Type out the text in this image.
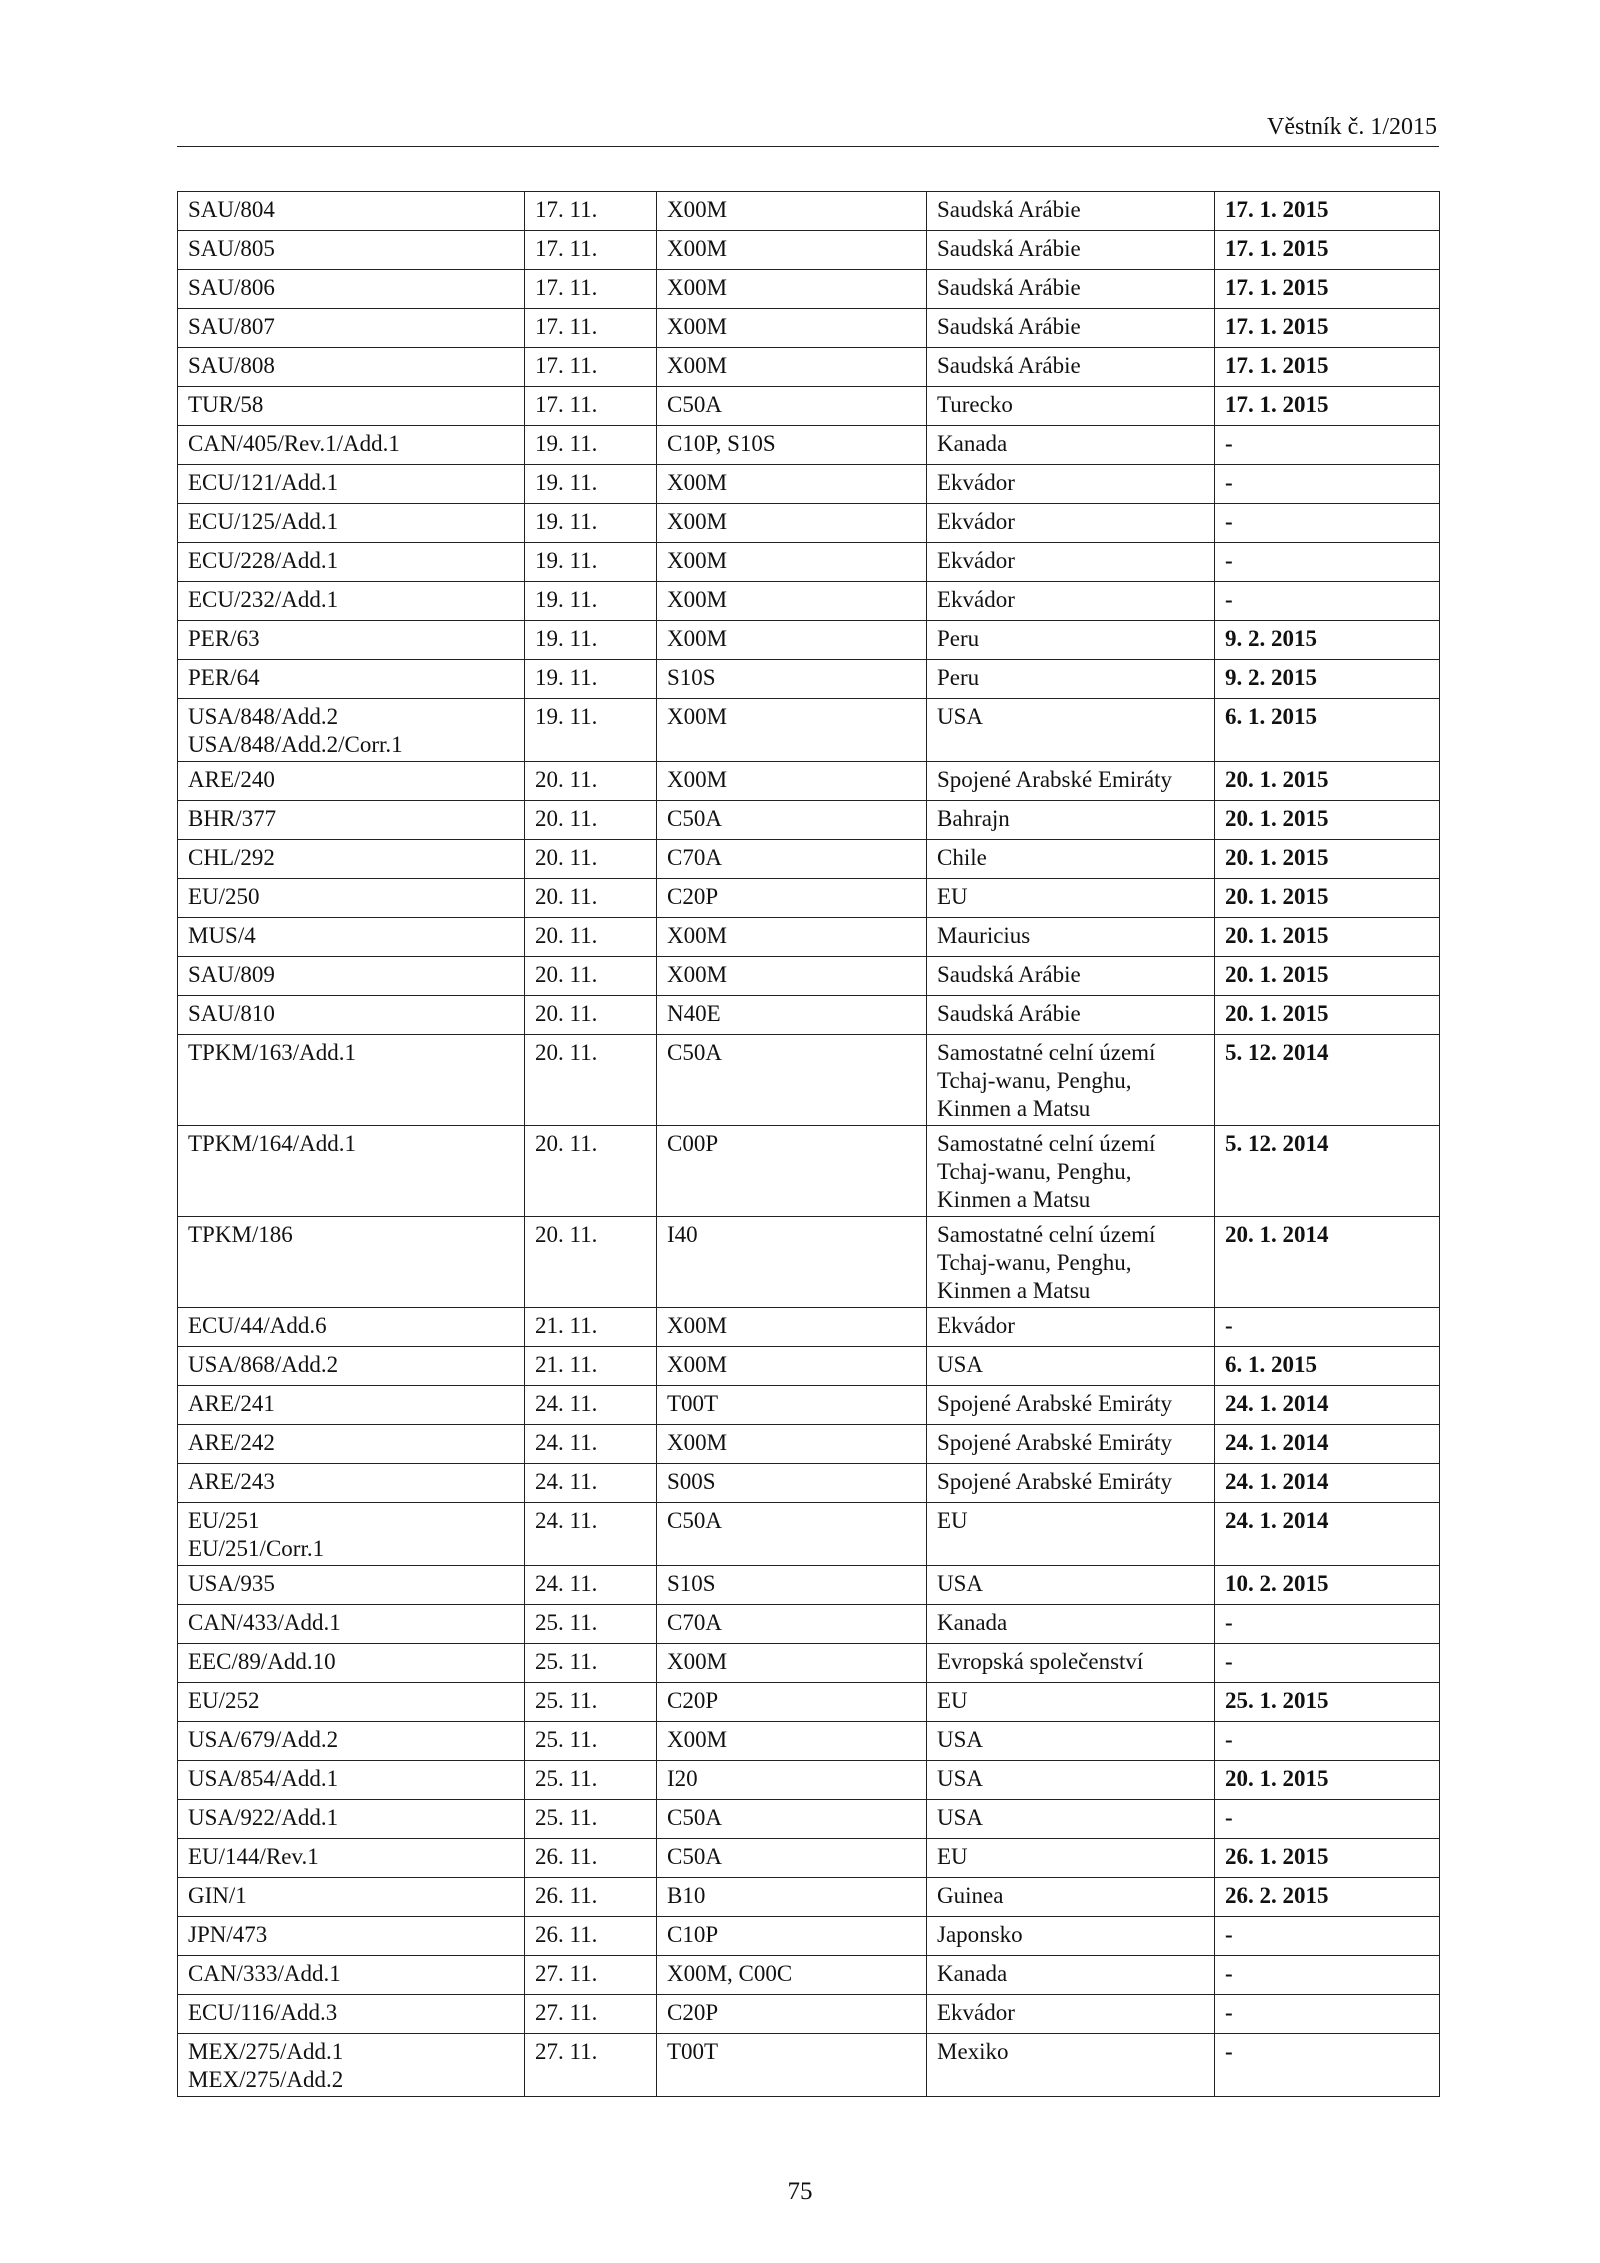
Věstník č. 1/2015
SAU/804	17. 11.	X00M	Saudská Arábie	17. 1. 2015
SAU/805	17. 11.	X00M	Saudská Arábie	17. 1. 2015
SAU/806	17. 11.	X00M	Saudská Arábie	17. 1. 2015
SAU/807	17. 11.	X00M	Saudská Arábie	17. 1. 2015
SAU/808	17. 11.	X00M	Saudská Arábie	17. 1. 2015
TUR/58	17. 11.	C50A	Turecko	17. 1. 2015
CAN/405/Rev.1/Add.1	19. 11.	C10P, S10S	Kanada	-
ECU/121/Add.1	19. 11.	X00M	Ekvádor	-
ECU/125/Add.1	19. 11.	X00M	Ekvádor	-
ECU/228/Add.1	19. 11.	X00M	Ekvádor	-
ECU/232/Add.1	19. 11.	X00M	Ekvádor	-
PER/63	19. 11.	X00M	Peru	9. 2. 2015
PER/64	19. 11.	S10S	Peru	9. 2. 2015
USA/848/Add.2
USA/848/Add.2/Corr.1	19. 11.	X00M	USA	6. 1. 2015
ARE/240	20. 11.	X00M	Spojené Arabské Emiráty	20. 1. 2015
BHR/377	20. 11.	C50A	Bahrajn	20. 1. 2015
CHL/292	20. 11.	C70A	Chile	20. 1. 2015
EU/250	20. 11.	C20P	EU	20. 1. 2015
MUS/4	20. 11.	X00M	Mauricius	20. 1. 2015
SAU/809	20. 11.	X00M	Saudská Arábie	20. 1. 2015
SAU/810	20. 11.	N40E	Saudská Arábie	20. 1. 2015
TPKM/163/Add.1	20. 11.	C50A	Samostatné celní území
Tchaj-wanu, Penghu,
Kinmen a Matsu	5. 12. 2014
TPKM/164/Add.1	20. 11.	C00P	Samostatné celní území
Tchaj-wanu, Penghu,
Kinmen a Matsu	5. 12. 2014
TPKM/186	20. 11.	I40	Samostatné celní území
Tchaj-wanu, Penghu,
Kinmen a Matsu	20. 1. 2014
ECU/44/Add.6	21. 11.	X00M	Ekvádor	-
USA/868/Add.2	21. 11.	X00M	USA	6. 1. 2015
ARE/241	24. 11.	T00T	Spojené Arabské Emiráty	24. 1. 2014
ARE/242	24. 11.	X00M	Spojené Arabské Emiráty	24. 1. 2014
ARE/243	24. 11.	S00S	Spojené Arabské Emiráty	24. 1. 2014
EU/251
EU/251/Corr.1	24. 11.	C50A	EU	24. 1. 2014
USA/935	24. 11.	S10S	USA	10. 2. 2015
CAN/433/Add.1	25. 11.	C70A	Kanada	-
EEC/89/Add.10	25. 11.	X00M	Evropská společenství	-
EU/252	25. 11.	C20P	EU	25. 1. 2015
USA/679/Add.2	25. 11.	X00M	USA	-
USA/854/Add.1	25. 11.	I20	USA	20. 1. 2015
USA/922/Add.1	25. 11.	C50A	USA	-
EU/144/Rev.1	26. 11.	C50A	EU	26. 1. 2015
GIN/1	26. 11.	B10	Guinea	26. 2. 2015
JPN/473	26. 11.	C10P	Japonsko	-
CAN/333/Add.1	27. 11.	X00M, C00C	Kanada	-
ECU/116/Add.3	27. 11.	C20P	Ekvádor	-
MEX/275/Add.1
MEX/275/Add.2	27. 11.	T00T	Mexiko	-
75
